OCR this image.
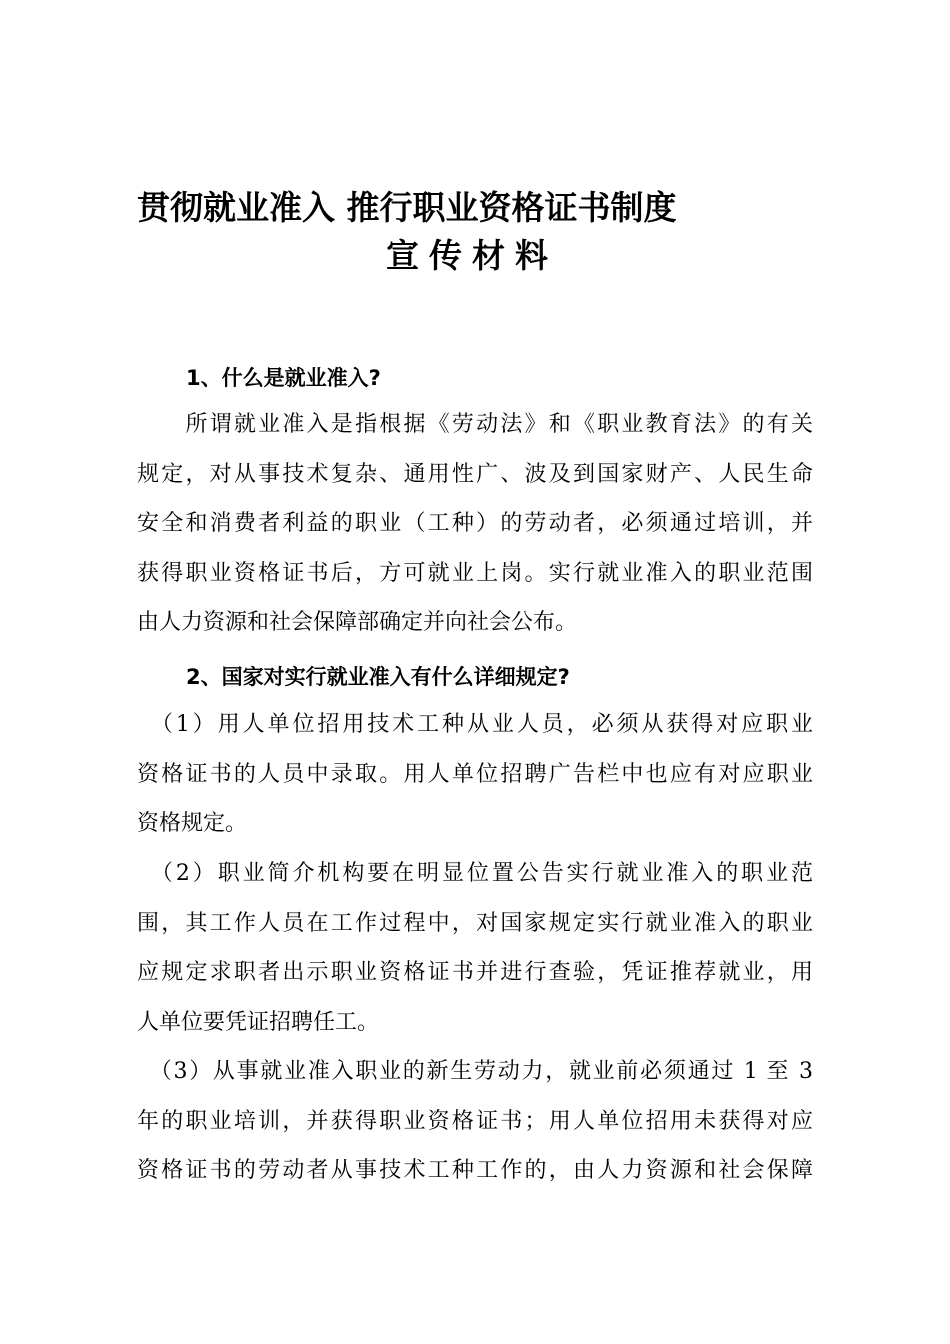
贯彻就业准入 推行职业资格证书制度
宣传材料
1、什么是就业准入?

　　所谓就业准入是指根据《劳动法》和《职业教育法》的有关
规定，对从事技术复杂、通用性广、波及到国家财产、人民生命
安全和消费者利益的职业（工种）的劳动者，必须通过培训，并
获得职业资格证书后，方可就业上岗。实行就业准入的职业范围
由人力资源和社会保障部确定并向社会公布。

2、国家对实行就业准入有什么详细规定?

　（1）用人单位招用技术工种从业人员，必须从获得对应职业
资格证书的人员中录取。用人单位招聘广告栏中也应有对应职业
资格规定。

　（2）职业简介机构要在明显位置公告实行就业准入的职业范
围，其工作人员在工作过程中，对国家规定实行就业准入的职业
应规定求职者出示职业资格证书并进行查验，凭证推荐就业，用
人单位要凭证招聘任工。

　（3）从事就业准入职业的新生劳动力，就业前必须通过 1 至 3
年的职业培训，并获得职业资格证书；用人单位招用未获得对应
资格证书的劳动者从事技术工种工作的，由人力资源和社会保障
